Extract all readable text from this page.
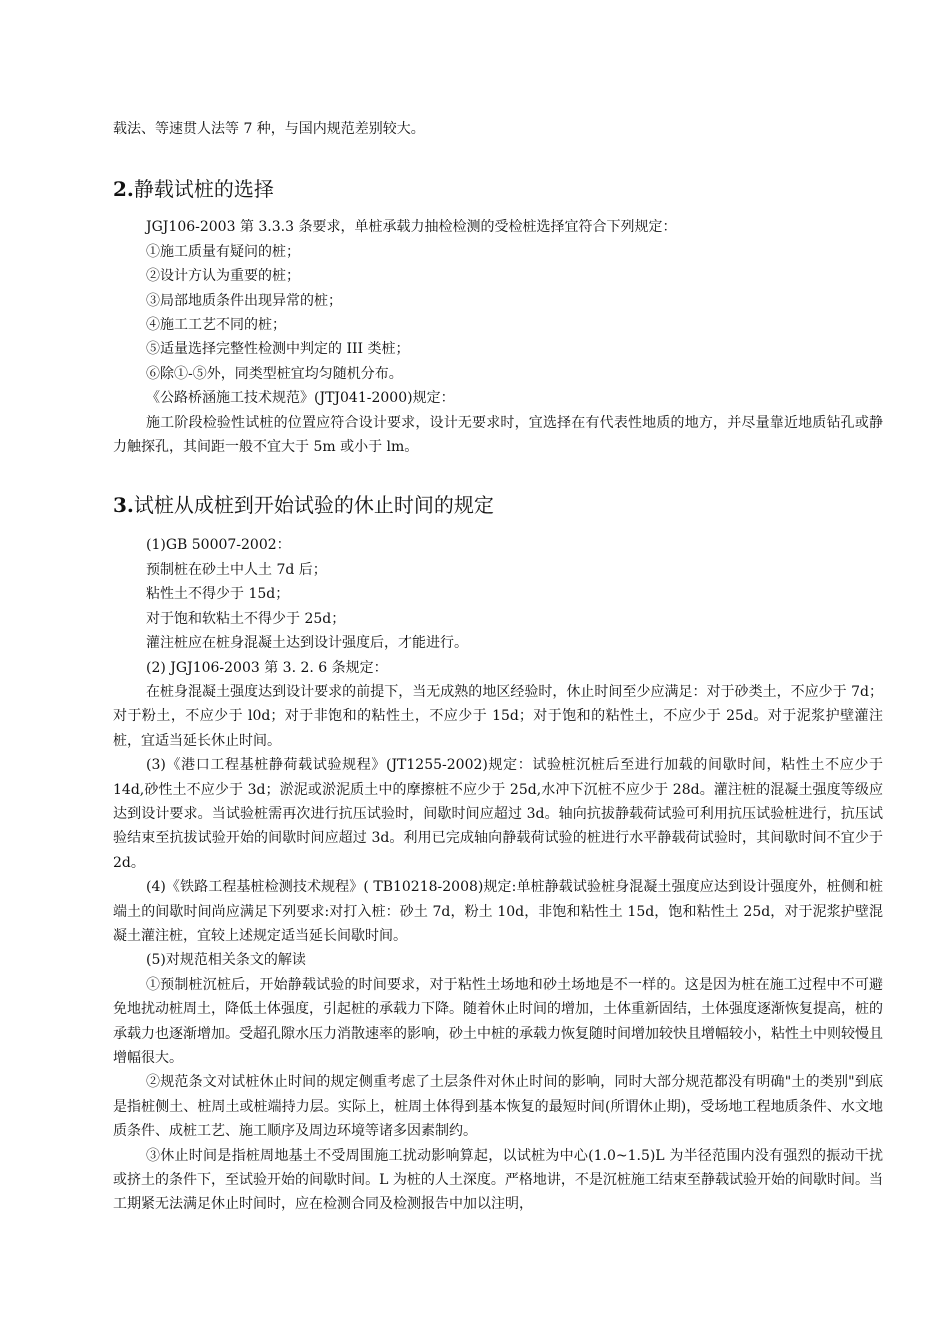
载法、等速贯人法等 7 种，与国内规范差别较大。

2.静载试桩的选择

JGJ106-2003 第 3.3.3 条要求，单桩承载力抽检检测的受检桩选择宜符合下列规定：

①施工质量有疑问的桩；

②设计方认为重要的桩；

③局部地质条件出现异常的桩；

④施工工艺不同的桩；

⑤适量选择完整性检测中判定的 III 类桩；

⑥除①-⑤外，同类型桩宜均匀随机分布。

《公路桥涵施工技术规范》(JTJ041-2000)规定：

施工阶段检验性试桩的位置应符合设计要求，设计无要求时，宜选择在有代表性地质的地方，并尽量靠近地质钻孔或静力触探孔，其间距一般不宜大于 5m 或小于 lm。

3.试桩从成桩到开始试验的休止时间的规定

(1)GB 50007-2002：

预制桩在砂土中人土 7d 后；

粘性土不得少于 15d；

对于饱和软粘土不得少于 25d；

灌注桩应在桩身混凝土达到设计强度后，才能进行。

(2) JGJ106-2003 第 3. 2. 6 条规定：

在桩身混凝土强度达到设计要求的前提下，当无成熟的地区经验时，休止时间至少应满足：对于砂类土，不应少于 7d；对于粉土，不应少于 l0d；对于非饱和的粘性土，不应少于 15d；对于饱和的粘性土，不应少于 25d。对于泥浆护壁灌注桩，宜适当延长休止时间。

(3)《港口工程基桩静荷载试验规程》(JT1255-2002)规定：试验桩沉桩后至进行加载的间歇时间，粘性土不应少于 14d,砂性土不应少于 3d；淤泥或淤泥质土中的摩擦桩不应少于 25d,水冲下沉桩不应少于 28d。灌注桩的混凝土强度等级应达到设计要求。当试验桩需再次进行抗压试验时，间歇时间应超过 3d。轴向抗拔静载荷试验可利用抗压试验桩进行，抗压试验结束至抗拔试验开始的间歇时间应超过 3d。利用已完成轴向静载荷试验的桩进行水平静载荷试验时，其间歇时间不宜少于 2d。

(4)《铁路工程基桩检测技术规程》( TB10218-2008)规定:单桩静载试验桩身混凝土强度应达到设计强度外，桩侧和桩端土的间歇时间尚应满足下列要求:对打入桩：砂土 7d，粉土 10d，非饱和粘性土 15d，饱和粘性土 25d，对于泥浆护壁混凝土灌注桩，宜较上述规定适当延长间歇时间。

(5)对规范相关条文的解读

①预制桩沉桩后，开始静载试验的时间要求，对于粘性土场地和砂土场地是不一样的。这是因为桩在施工过程中不可避免地扰动桩周土，降低土体强度，引起桩的承载力下降。随着休止时间的增加，土体重新固结，土体强度逐渐恢复提高，桩的承载力也逐渐增加。受超孔隙水压力消散速率的影响，砂土中桩的承载力恢复随时间增加较快且增幅较小，粘性土中则较慢且增幅很大。

②规范条文对试桩休止时间的规定侧重考虑了土层条件对休止时间的影响，同时大部分规范都没有明确"土的类别"到底是指桩侧土、桩周土或桩端持力层。实际上，桩周土体得到基本恢复的最短时间(所谓休止期)，受场地工程地质条件、水文地质条件、成桩工艺、施工顺序及周边环境等诸多因素制约。

③休止时间是指桩周地基土不受周围施工扰动影响算起，以试桩为中心(1.0~1.5)L 为半径范围内没有强烈的振动干扰或挤土的条件下，至试验开始的间歇时间。L 为桩的人土深度。严格地讲，不是沉桩施工结束至静载试验开始的间歇时间。当工期紧无法满足休止时间时，应在检测合同及检测报告中加以注明，
